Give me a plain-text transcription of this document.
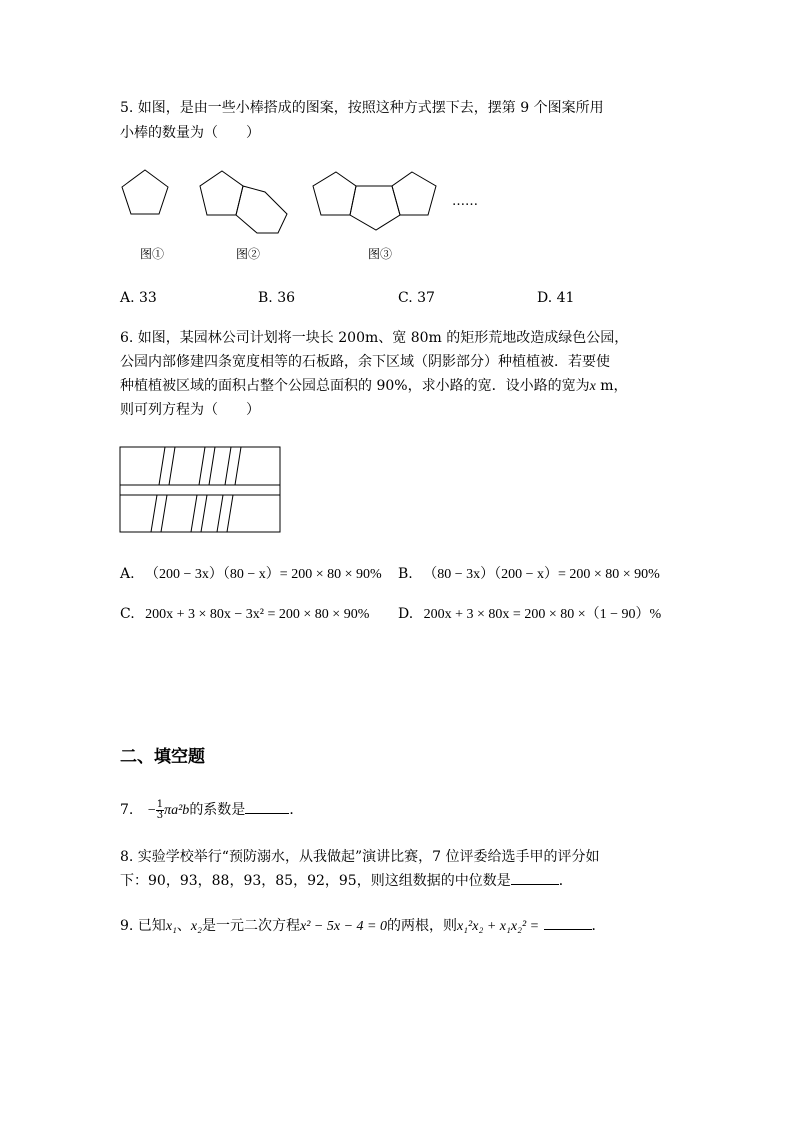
5. 如图，是由一些小棒搭成的图案，按照这种方式摆下去，摆第 9 个图案所用
小棒的数量为（　　）
……
图①	图②	图③
A. 33	B. 36	C. 37	D. 41
6. 如图，某园林公司计划将一块长 200m、宽 80m 的矩形荒地改造成绿色公园，
公园内部修建四条宽度相等的石板路，余下区域（阴影部分）种植植被．若要使
种植植被区域的面积占整个公园总面积的 90%，求小路的宽．设小路的宽为x m，
则可列方程为（　　）
A. （200 − 3x）（80 − x）= 200 × 80 × 90% B. （80 − 3x）（200 − x）= 200 × 80 × 90%
C. 200x + 3 × 80x − 3x² = 200 × 80 × 90% D. 200x + 3 × 80x = 200 × 80 ×（1 − 90）%
二、填空题
7. − $\frac{1}{3} \pi a^2b$的系数是	．
8. 实验学校举行“预防溺水，从我做起”演讲比赛，7 位评委给选手甲的评分如
下：90，93，88，93，85，92，95，则这组数据的中位数是	．
9. 已知x₁、x₂是一元二次方程x² − 5x − 4 = 0的两根，则x₁²x₂ + x₁x₂² =	．
